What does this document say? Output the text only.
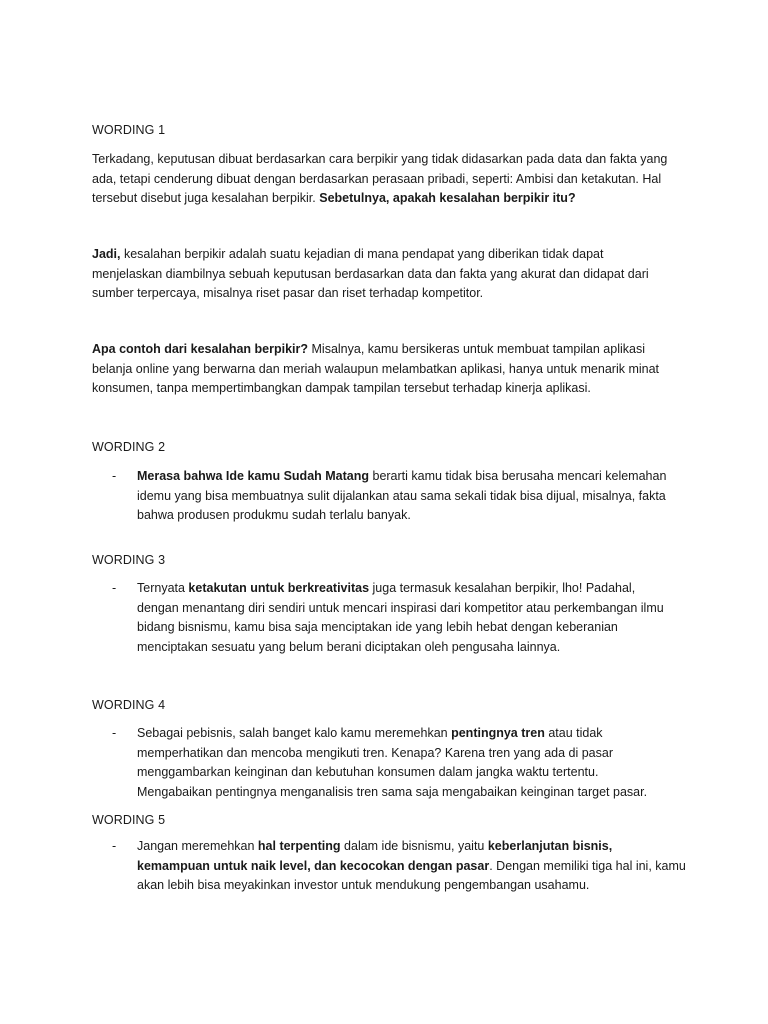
WORDING 1
Terkadang, keputusan dibuat berdasarkan cara berpikir yang tidak didasarkan pada data dan fakta yang
ada, tetapi cenderung dibuat dengan berdasarkan perasaan pribadi, seperti: Ambisi dan ketakutan. Hal
tersebut disebut juga kesalahan berpikir. Sebetulnya, apakah kesalahan berpikir itu?
Jadi, kesalahan berpikir adalah suatu kejadian di mana pendapat yang diberikan tidak dapat
menjelaskan diambilnya sebuah keputusan berdasarkan data dan fakta yang akurat dan didapat dari
sumber terpercaya, misalnya riset pasar dan riset terhadap kompetitor.
Apa contoh dari kesalahan berpikir? Misalnya, kamu bersikeras untuk membuat tampilan aplikasi
belanja online yang berwarna dan meriah walaupun melambatkan aplikasi, hanya untuk menarik minat
konsumen, tanpa mempertimbangkan dampak tampilan tersebut terhadap kinerja aplikasi.
WORDING 2
- Merasa bahwa Ide kamu Sudah Matang berarti kamu tidak bisa berusaha mencari kelemahan
idemu yang bisa membuatnya sulit dijalankan atau sama sekali tidak bisa dijual, misalnya, fakta
bahwa produsen produkmu sudah terlalu banyak.
WORDING 3
- Ternyata ketakutan untuk berkreativitas juga termasuk kesalahan berpikir, lho! Padahal,
dengan menantang diri sendiri untuk mencari inspirasi dari kompetitor atau perkembangan ilmu
bidang bisnismu, kamu bisa saja menciptakan ide yang lebih hebat dengan keberanian
menciptakan sesuatu yang belum berani diciptakan oleh pengusaha lainnya.
WORDING 4
- Sebagai pebisnis, salah banget kalo kamu meremehkan pentingnya tren atau tidak
memperhatikan dan mencoba mengikuti tren. Kenapa? Karena tren yang ada di pasar
menggambarkan keinginan dan kebutuhan konsumen dalam jangka waktu tertentu.
Mengabaikan pentingnya menganalisis tren sama saja mengabaikan keinginan target pasar.
WORDING 5
- Jangan meremehkan hal terpenting dalam ide bisnismu, yaitu keberlanjutan bisnis,
kemampuan untuk naik level, dan kecocokan dengan pasar. Dengan memiliki tiga hal ini, kamu
akan lebih bisa meyakinkan investor untuk mendukung pengembangan usahamu.
